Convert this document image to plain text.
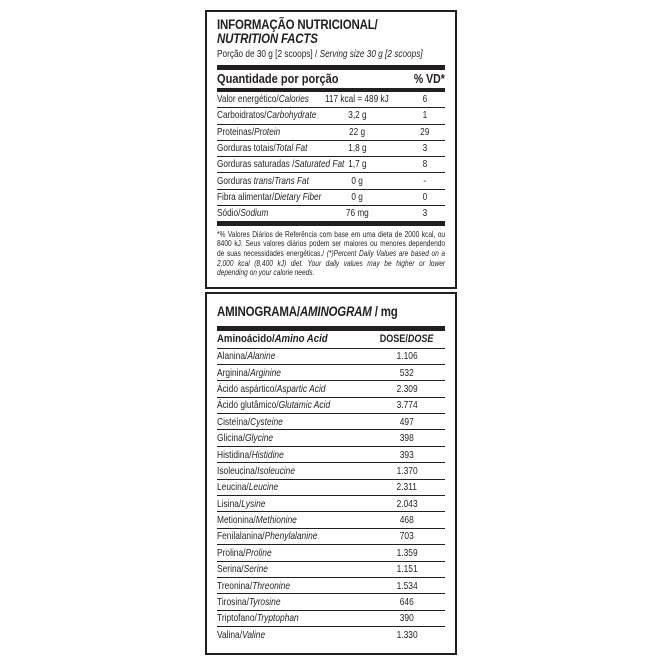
INFORMAÇÃO NUTRICIONAL/
NUTRITION FACTS

Porção de 30 g [2 scoops] / Serving size 30 g [2 scoops]

Quantidade por porção	% VD*
Valor energético/Calories	117 kcal = 489 kJ	6
Carboidratos/Carbohydrate	3,2 g	1
Proteinas/Protein	22 g	29
Gorduras totais/Total Fat	1,8 g	3
Gorduras saturadas /Saturated Fat 1,7 g	8
Gorduras trans/Trans Fat	0 g	-
Fibra alimentar/Dietary Fiber	0 g	0
Sódio/Sodium	76 mg	3

*% Valores Diários de Referência com base em uma dieta de 2000 kcal, ou 8400 kJ. Seus valores diários podem ser maiores ou menores dependendo de suas necessidades energéticas./ (*)Percent Daily Values are based on a 2,000 kcal (8,400 kJ) diet. Your daily values may be higher or lower depending on your calorie needs.

AMINOGRAMA/AMINOGRAM / mg
Aminoácido/Amino Acid	DOSE/DOSE
Alanina/Alanine	1.106
Arginina/Arginine	532
Ácido aspártico/Aspartic Acid	2.309
Ácido glutâmico/Glutamic Acid	3.774
Cisteína/Cysteine	497
Glicina/Glycine	398
Histidina/Histidine	393
Isoleucina/Isoleucine	1.370
Leucina/Leucine	2.311
Lisina/Lysine	2.043
Metionina/Methionine	468
Fenilalanina/Phenylalanine	703
Prolina/Proline	1.359
Serina/Serine	1.151
Treonina/Threonine	1.534
Tirosina/Tyrosine	646
Triptofano/Tryptophan	390
Valina/Valine	1.330
